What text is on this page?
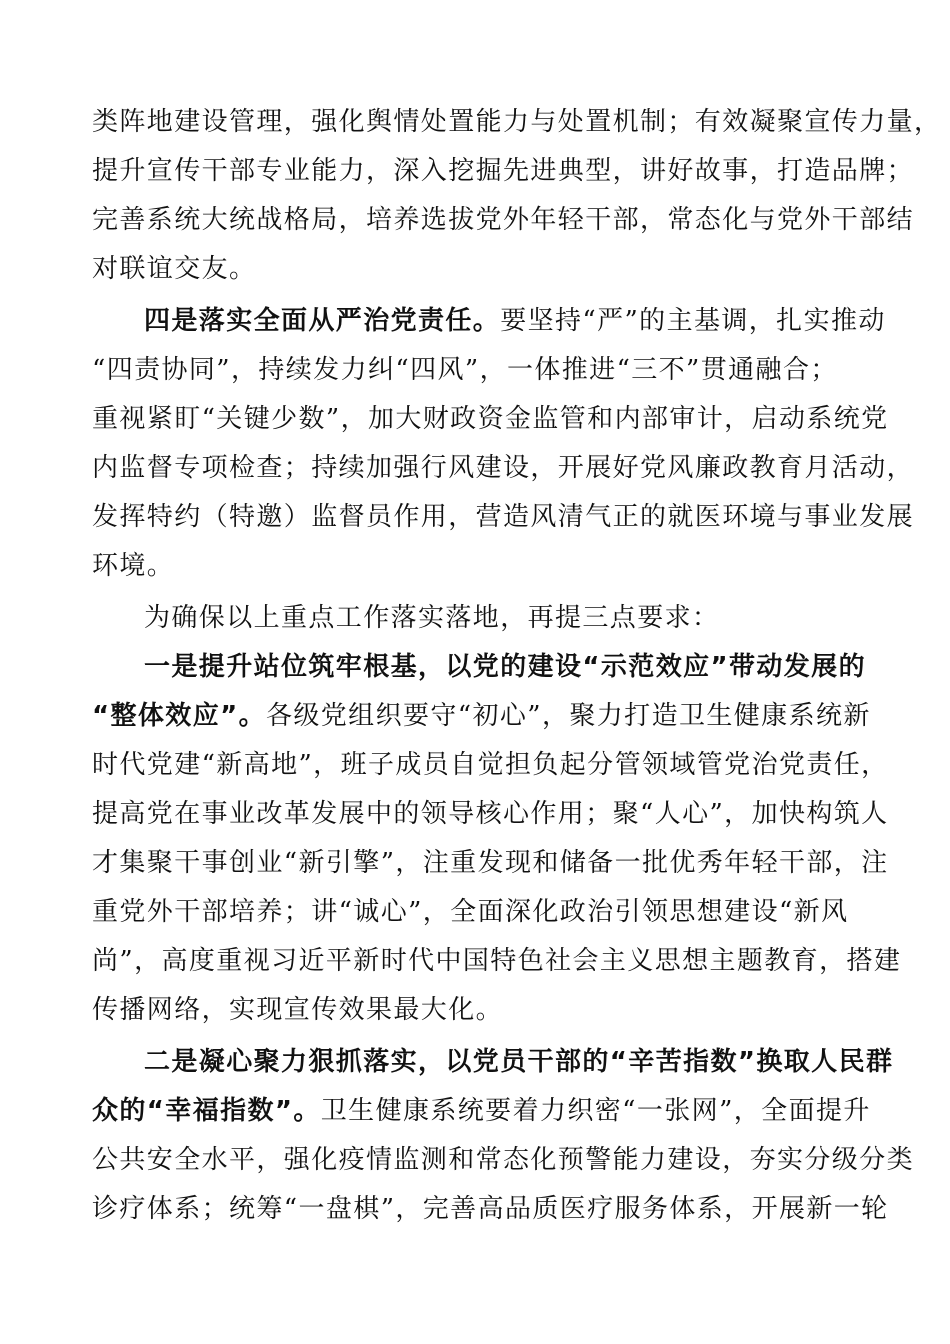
类阵地建设管理，强化舆情处置能力与处置机制；有效凝聚宣传力量，
提升宣传干部专业能力，深入挖掘先进典型，讲好故事，打造品牌；
完善系统大统战格局，培养选拔党外年轻干部，常态化与党外干部结
对联谊交友。
四是落实全面从严治党责任。要坚持“严”的主基调，扎实推动
“四责协同”，持续发力纠“四风”，一体推进“三不”贯通融合；
重视紧盯“关键少数”，加大财政资金监管和内部审计，启动系统党
内监督专项检查；持续加强行风建设，开展好党风廉政教育月活动，
发挥特约（特邀）监督员作用，营造风清气正的就医环境与事业发展
环境。
为确保以上重点工作落实落地，再提三点要求：
一是提升站位筑牢根基，以党的建设“示范效应”带动发展的
“整体效应”。各级党组织要守“初心”，聚力打造卫生健康系统新
时代党建“新高地”，班子成员自觉担负起分管领域管党治党责任，
提高党在事业改革发展中的领导核心作用；聚“人心”，加快构筑人
才集聚干事创业“新引擎”，注重发现和储备一批优秀年轻干部，注
重党外干部培养；讲“诚心”，全面深化政治引领思想建设“新风
尚”，高度重视习近平新时代中国特色社会主义思想主题教育，搭建
传播网络，实现宣传效果最大化。
二是凝心聚力狠抓落实，以党员干部的“辛苦指数”换取人民群
众的“幸福指数”。卫生健康系统要着力织密“一张网”，全面提升
公共安全水平，强化疫情监测和常态化预警能力建设，夯实分级分类
诊疗体系；统筹“一盘棋”，完善高品质医疗服务体系，开展新一轮
